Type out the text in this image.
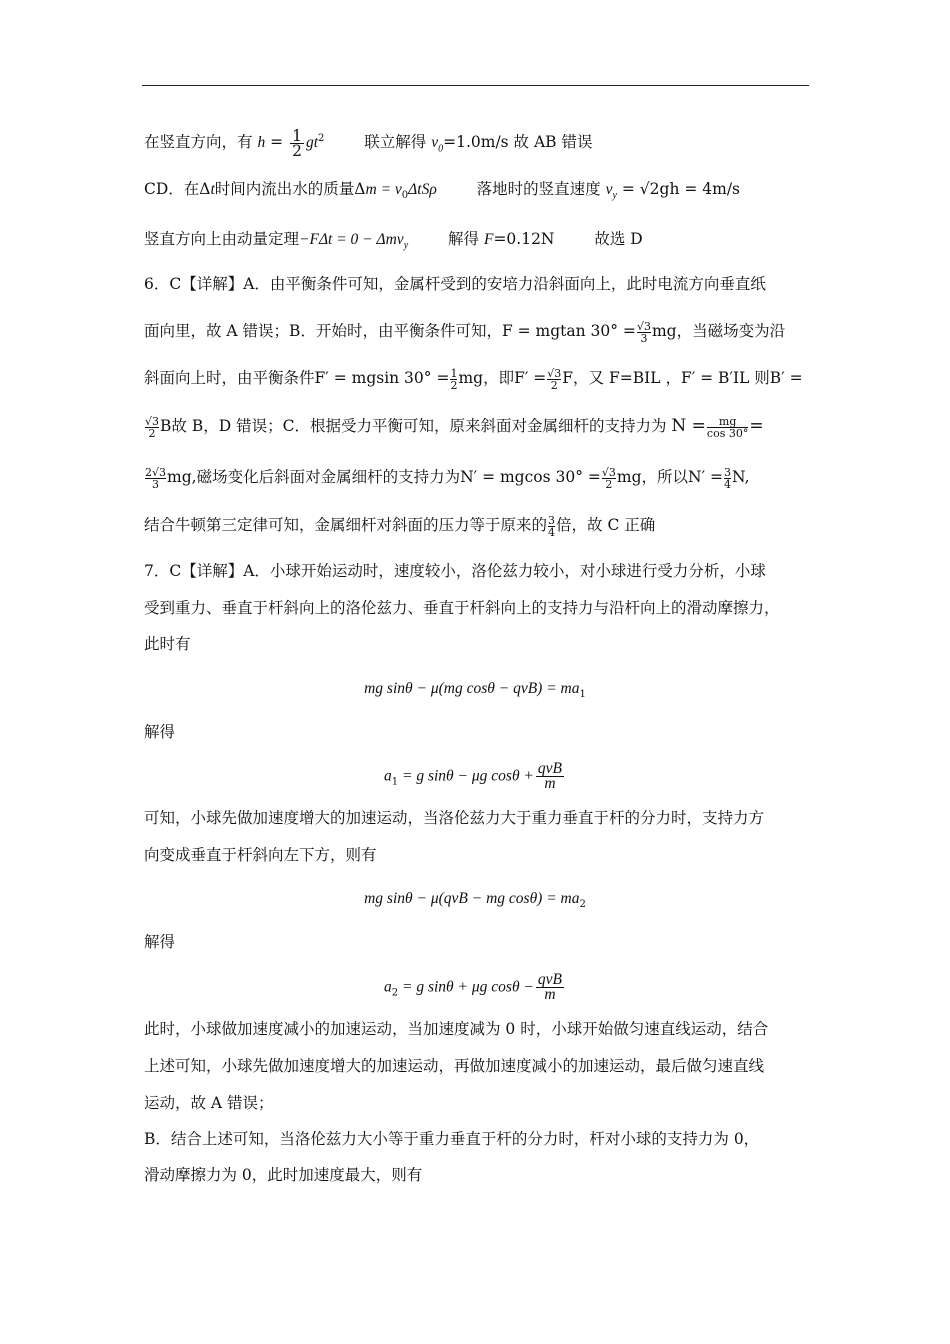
在竖直方向，有 $h = \frac{1}{2} gt^2$	联立解得 $v_0=1.0m/s$ 故 AB 错误
CD．在Δt时间内流出水的质量$\Delta m = v_0\Delta tS\rho$	落地时的竖直速度 $v_y = √2gh = 4m/s$
竖直方向上由动量定理−FΔt = 0 − Δmv$_y$	解得 F=0.12N	故选 D
6．C【详解】A．由平衡条件可知，金属杆受到的安培力沿斜面向上，此时电流方向垂直纸
面向里，故 A 错误；B．开始时，由平衡条件可知，F = mgtan $30^\circ = \frac{√3}{3}$ mg，当磁场变为沿
斜面向上时，由平衡条件F′ = mgsin $30^\circ = \frac{1}{2}$ mg，即$F' = \frac{√3}{2}$ F，又 F=BIL ，F′ = B′IL 则B′ =
$\frac{√3}{2}$ B故 B，D 错误；C．根据受力平衡可知，原来斜面对金属细杆的支持力为 $N = \frac{mg}{\cos 30^\circ}$ =
$\frac{2√3}{3}$ mg,磁场变化后斜面对金属细杆的支持力为N′ = mgcos $30^\circ = \frac{√3}{2}$ mg，所以$N' = \frac{3}{4} N$,
结合牛顿第三定律可知，金属细杆对斜面的压力等于原来的 $\frac{3}{4}$ 倍，故 C 正确
7．C【详解】A．小球开始运动时，速度较小，洛伦兹力较小，对小球进行受力分析，小球
受到重力、垂直于杆斜向上的洛伦兹力、垂直于杆斜向上的支持力与沿杆向上的滑动摩擦力，
此时有
mg sinθ − μ(mg $\cos\theta - qvB) = ma_1$
解得
$a_1 = g$ sinθ − μg $\cos\theta + \frac{\text{qvB}}{m}$
可知，小球先做加速度增大的加速运动，当洛伦兹力大于重力垂直于杆的分力时，支持力方
向变成垂直于杆斜向左下方，则有
mg sinθ − μ(qvB − mg $\cos\theta) = ma_2$
解得
$a_2 = g$ sinθ + μg $\cos\theta - \frac{\text{qvB}}{m}$
此时，小球做加速度减小的加速运动，当加速度减为 0 时，小球开始做匀速直线运动，结合
上述可知，小球先做加速度增大的加速运动，再做加速度减小的加速运动，最后做匀速直线
运动，故 A 错误；
B．结合上述可知，当洛伦兹力大小等于重力垂直于杆的分力时，杆对小球的支持力为 0，
滑动摩擦力为 0，此时加速度最大，则有
